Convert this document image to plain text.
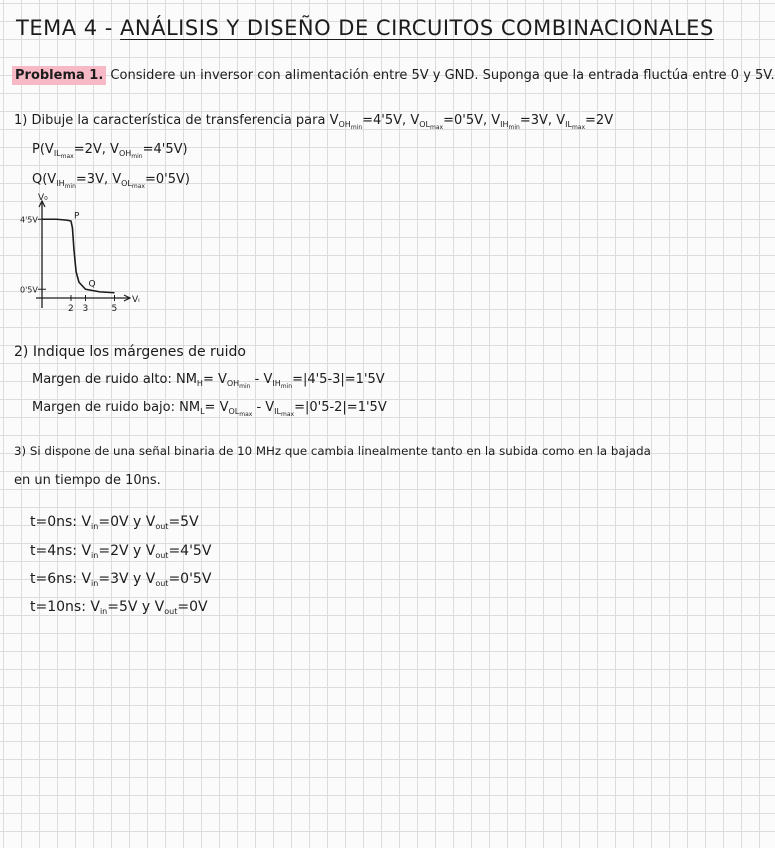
TEMA 4 - ANÁLISIS Y DISEÑO DE CIRCUITOS COMBINACIONALES
Problema 1. Considere un inversor con alimentación entre 5V y GND. Suponga que la entrada fluctúa entre 0 y 5V.
1) Dibuje la característica de transferencia para $V_{OH_{min}}=4'5V$, $V_{OL_{max}}=0'5V$, $V_{IH_{min}}=3V$, $V_{IL_{max}}=2V$
$P(V_{IL_{max}}=2V$, $V_{OH_{min}}=4'5V$)
$Q(V_{IH_{min}}=3V$, $V_{OL_{max}}=0'5V$)
4'5V
0'5V
2 3	5
V₀
Vᵢ
P
Q
2) Indique los márgenes de ruido
Margen de ruido alto: $NM_H= V_{OH_{min}} - V_{IH_{min}}=|4'5-3|=1'5V$
Margen de ruido bajo: $NM_L= V_{OL_{max}} - V_{IL_{max}}=|0'5-2|=1'5V$
3) Si dispone de una señal binaria de 10 MHz que cambia linealmente tanto en la subida como en la bajada
en un tiempo de 10ns.
t=0ns: $V_{in}=0V$ y $V_{out}=5V$
t=4ns: $V_{in}=2V$ y $V_{out}=4'5V$
t=6ns: $V_{in}=3V$ y $V_{out}=0'5V$
t=10ns: $V_{in}=5V$ y $V_{out}=0V$
